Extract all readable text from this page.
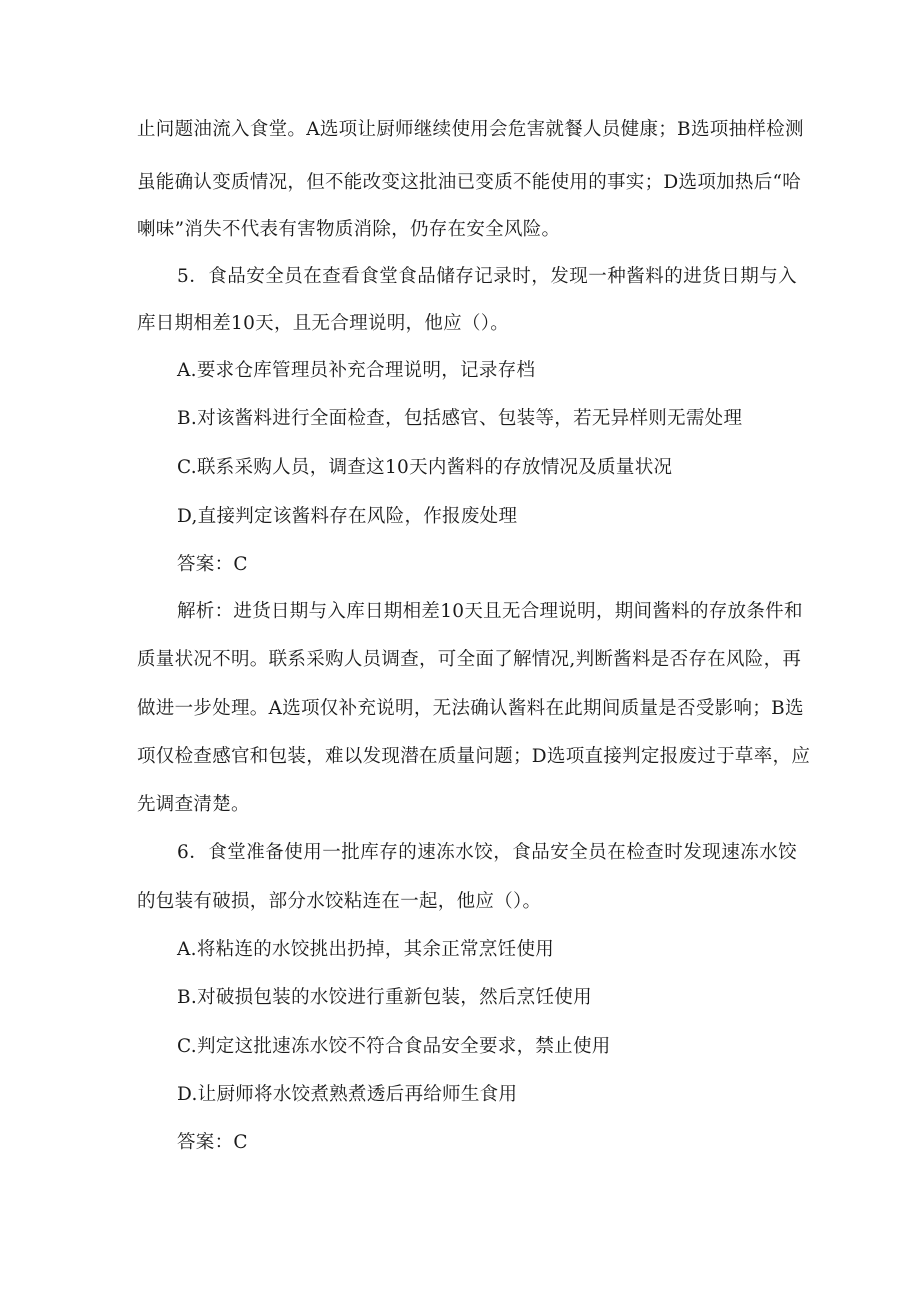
止问题油流入食堂。A选项让厨师继续使用会危害就餐人员健康；B选项抽样检测
虽能确认变质情况，但不能改变这批油已变质不能使用的事实；D选项加热后“哈
喇味”消失不代表有害物质消除，仍存在安全风险。
5．食品安全员在查看食堂食品储存记录时，发现一种酱料的进货日期与入
库日期相差10天，且无合理说明，他应（）。
A.要求仓库管理员补充合理说明，记录存档
B.对该酱料进行全面检查，包括感官、包装等，若无异样则无需处理
C.联系采购人员，调查这10天内酱料的存放情况及质量状况
D,直接判定该酱料存在风险，作报废处理
答案：C
解析：进货日期与入库日期相差10天且无合理说明，期间酱料的存放条件和
质量状况不明。联系采购人员调查，可全面了解情况,判断酱料是否存在风险，再
做进一步处理。A选项仅补充说明，无法确认酱料在此期间质量是否受影响；B选
项仅检查感官和包装，难以发现潜在质量问题；D选项直接判定报废过于草率，应
先调查清楚。
6．食堂准备使用一批库存的速冻水饺，食品安全员在检查时发现速冻水饺
的包装有破损，部分水饺粘连在一起，他应（）。
A.将粘连的水饺挑出扔掉，其余正常烹饪使用
B.对破损包装的水饺进行重新包装，然后烹饪使用
C.判定这批速冻水饺不符合食品安全要求，禁止使用
D.让厨师将水饺煮熟煮透后再给师生食用
答案：C
